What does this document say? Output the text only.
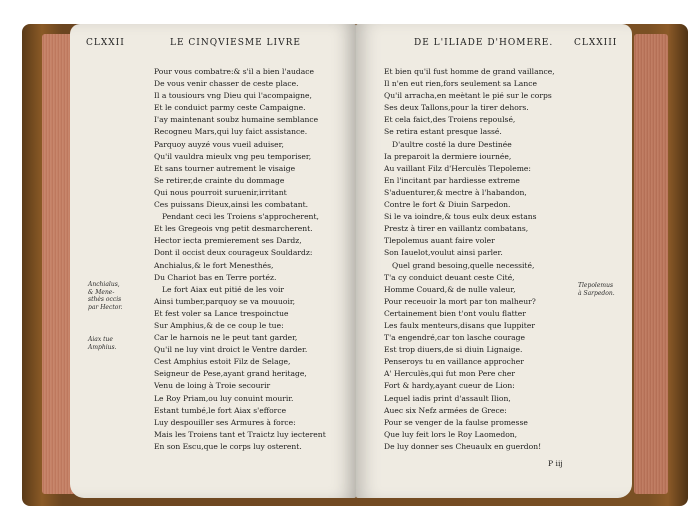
CLXXII	LE CINQVIESME LIVRE
Pour vous combatre:& s'il a bien l'audace
De vous venir chasser de ceste place.
Il a tousiours vng Dieu qui l'acompaigne,
Et le conduict parmy ceste Campaigne.
I'ay maintenant soubz humaine semblance
Recogneu Mars,qui luy faict assistance.
Parquoy auyzé vous vueil aduiser,
Qu'il vauldra mieulx vng peu temporiser,
Et sans tourner autrement le visaige
Se retirer,de crainte du dommage
Qui nous pourroit suruenir,irritant
Ces puissans Dieux,ainsi les combatant.
Pendant ceci les Troiens s'approcherent,
Et les Gregeois vng petit desmarcherent.
Hector iecta premierement ses Dardz,
Dont il occist deux courageux Souldardz:
Anchialus,& le fort Menesthés,
Du Chariot bas en Terre portéz.
Le fort Aiax eut pitié de les voir
Ainsi tumber,parquoy se va mouuoir,
Et fest voler sa Lance trespoinctue
Sur Amphius,& de ce coup le tue:
Car le harnois ne le peut tant garder,
Qu'il ne luy vint droict le Ventre darder.
Cest Amphius estoit Filz de Selage,
Seigneur de Pese,ayant grand heritage,
Venu de loing à Troie secourir
Le Roy Priam,ou luy conuint mourir.
Estant tumbé,le fort Aiax s'efforce
Luy despouiller ses Armures à force:
Mais les Troiens tant et Traictz luy iecterent
En son Escu,que le corps luy osterent.
Anchialus,
& Mene-
sthès occis
par Hector.
Aiax tue
Amphius.
DE L'ILIADE D'HOMERE. CLXXIII
Et bien qu'il fust homme de grand vaillance,
Il n'en eut rien,fors seulement sa Lance
Qu'il arracha,en meètant le pié sur le corps
Ses deux Tallons,pour la tirer dehors.
Et cela faict,des Troiens repoulsé,
Se retira estant presque lassé.
D'aultre costé la dure Destinée
Ia preparoit la dermiere iournée,
Au vaillant Filz d'Herculès Tlepoleme:
En l'incitant par hardiesse extreme
S'aduenturer,& mectre à l'habandon,
Contre le fort & Diuin Sarpedon.
Si le va ioindre,& tous eulx deux estans
Prestz à tirer en vaillantz combatans,
Tlepolemus auant faire voler
Son Iauelot,voulut ainsi parler.
Quel grand besoing,quelle necessité,
T'a cy conduict deuant ceste Cité,
Homme Couard,& de nulle valeur,
Pour receuoir la mort par ton malheur?
Certainement bien t'ont voulu flatter
Les faulx menteurs,disans que Iuppiter
T'a engendré,car ton lasche courage
Est trop diuers,de si diuin Lignaige.
Penseroys tu en vaillance approcher
A' Herculès,qui fut mon Pere cher
Fort & hardy,ayant cueur de Lion:
Lequel iadis print d'assault Ilion,
Auec six Nefz armées de Grece:
Pour se venger de la faulse promesse
Que luy feit lors le Roy Laomedon,
De luy donner ses Cheuaulx en guerdon!
Tlepolemus
à Sarpedon.
P iij
